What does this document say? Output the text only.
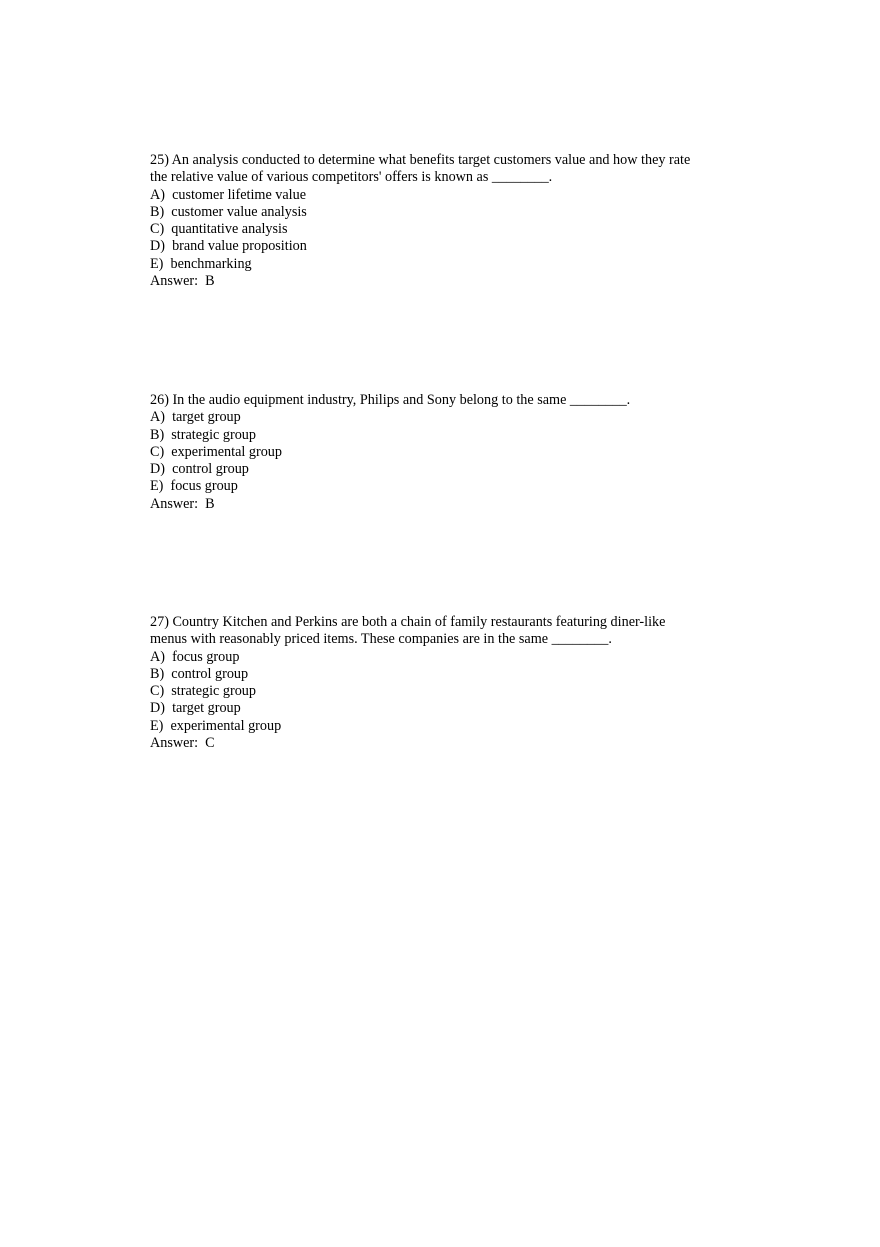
25) An analysis conducted to determine what benefits target customers value and how they rate
the relative value of various competitors' offers is known as ________.
A)  customer lifetime value
B)  customer value analysis
C)  quantitative analysis
D)  brand value proposition
E)  benchmarking
Answer:  B
26) In the audio equipment industry, Philips and Sony belong to the same ________.
A)  target group
B)  strategic group
C)  experimental group
D)  control group
E)  focus group
Answer:  B
27) Country Kitchen and Perkins are both a chain of family restaurants featuring diner-like
menus with reasonably priced items. These companies are in the same ________.
A)  focus group
B)  control group
C)  strategic group
D)  target group
E)  experimental group
Answer:  C
